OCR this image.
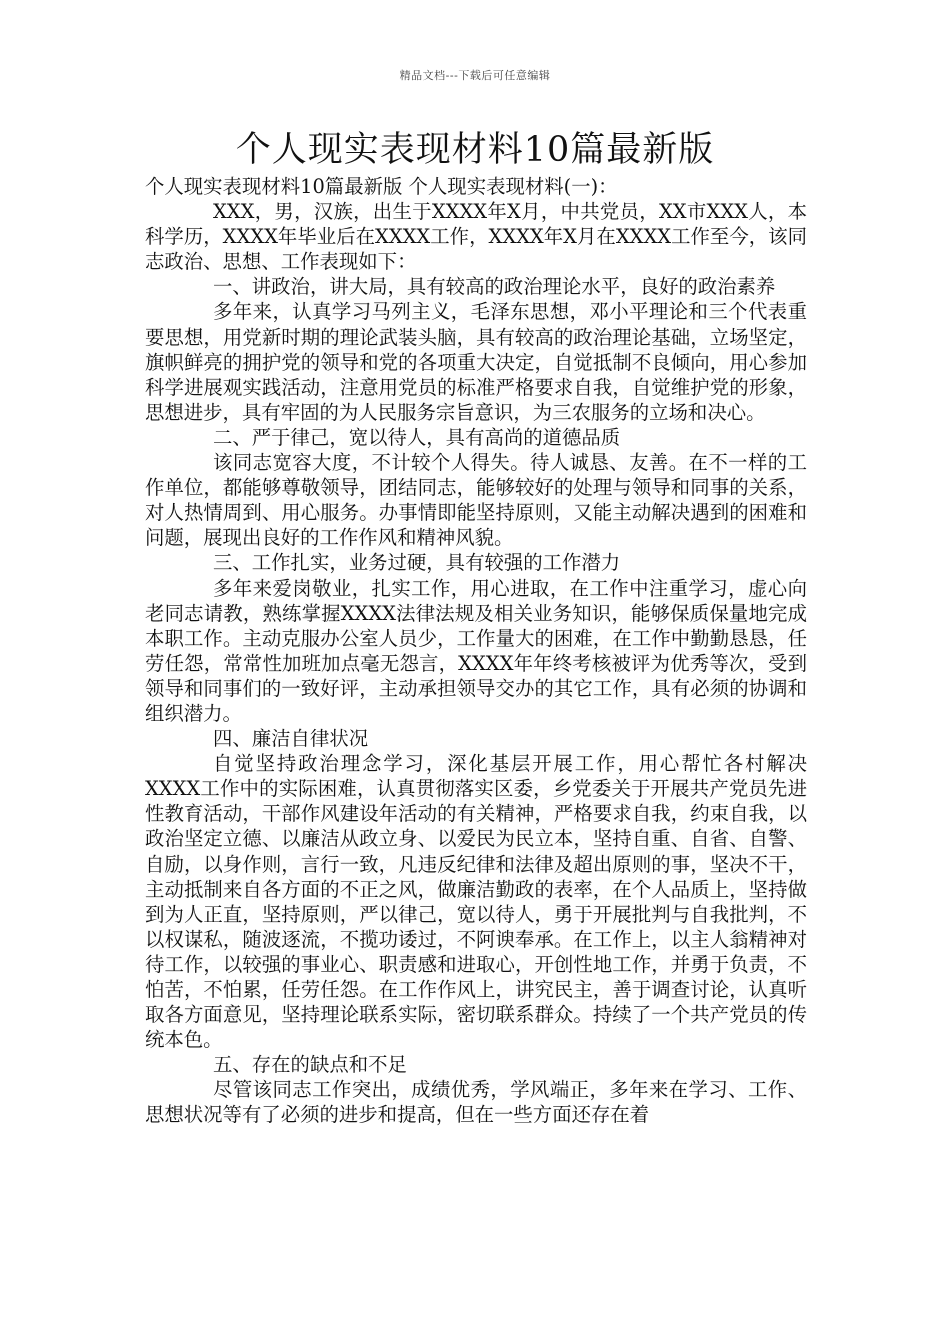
精品文档---下载后可任意编辑
个人现实表现材料10篇最新版

个人现实表现材料10篇最新版 个人现实表现材料(一)：

XXX，男，汉族，出生于XXXX年X月，中共党员，XX市XXX人，本科学历，XXXX年毕业后在XXXX工作，XXXX年X月在XXXX工作至今，该同志政治、思想、工作表现如下：

一、讲政治，讲大局，具有较高的政治理论水平，良好的政治素养

多年来，认真学习马列主义，毛泽东思想，邓小平理论和三个代表重要思想，用党新时期的理论武装头脑，具有较高的政治理论基础，立场坚定，旗帜鲜亮的拥护党的领导和党的各项重大决定，自觉抵制不良倾向，用心参加科学进展观实践活动，注意用党员的标准严格要求自我，自觉维护党的形象，思想进步，具有牢固的为人民服务宗旨意识，为三农服务的立场和决心。

二、严于律己，宽以待人，具有高尚的道德品质

该同志宽容大度，不计较个人得失。待人诚恳、友善。在不一样的工作单位，都能够尊敬领导，团结同志，能够较好的处理与领导和同事的关系，对人热情周到、用心服务。办事情即能坚持原则，又能主动解决遇到的困难和问题，展现出良好的工作作风和精神风貌。

三、工作扎实，业务过硬，具有较强的工作潜力

多年来爱岗敬业，扎实工作，用心进取，在工作中注重学习，虚心向老同志请教，熟练掌握XXXX法律法规及相关业务知识，能够保质保量地完成本职工作。主动克服办公室人员少，工作量大的困难，在工作中勤勤恳恳，任劳任怨，常常性加班加点毫无怨言，XXXX年年终考核被评为优秀等次，受到领导和同事们的一致好评，主动承担领导交办的其它工作，具有必须的协调和组织潜力。

四、廉洁自律状况

自觉坚持政治理念学习，深化基层开展工作，用心帮忙各村解决XXXX工作中的实际困难，认真贯彻落实区委，乡党委关于开展共产党员先进性教育活动，干部作风建设年活动的有关精神，严格要求自我，约束自我，以政治坚定立德、以廉洁从政立身、以爱民为民立本，坚持自重、自省、自警、自励，以身作则，言行一致，凡违反纪律和法律及超出原则的事，坚决不干，主动抵制来自各方面的不正之风，做廉洁勤政的表率，在个人品质上，坚持做到为人正直，坚持原则，严以律己，宽以待人，勇于开展批判与自我批判，不以权谋私，随波逐流，不揽功诿过，不阿谀奉承。在工作上，以主人翁精神对待工作，以较强的事业心、职责感和进取心，开创性地工作，并勇于负责，不怕苦，不怕累，任劳任怨。在工作作风上，讲究民主，善于调查讨论，认真听取各方面意见，坚持理论联系实际，密切联系群众。持续了一个共产党员的传统本色。

五、存在的缺点和不足

尽管该同志工作突出，成绩优秀，学风端正，多年来在学习、工作、思想状况等有了必须的进步和提高，但在一些方面还存在着
